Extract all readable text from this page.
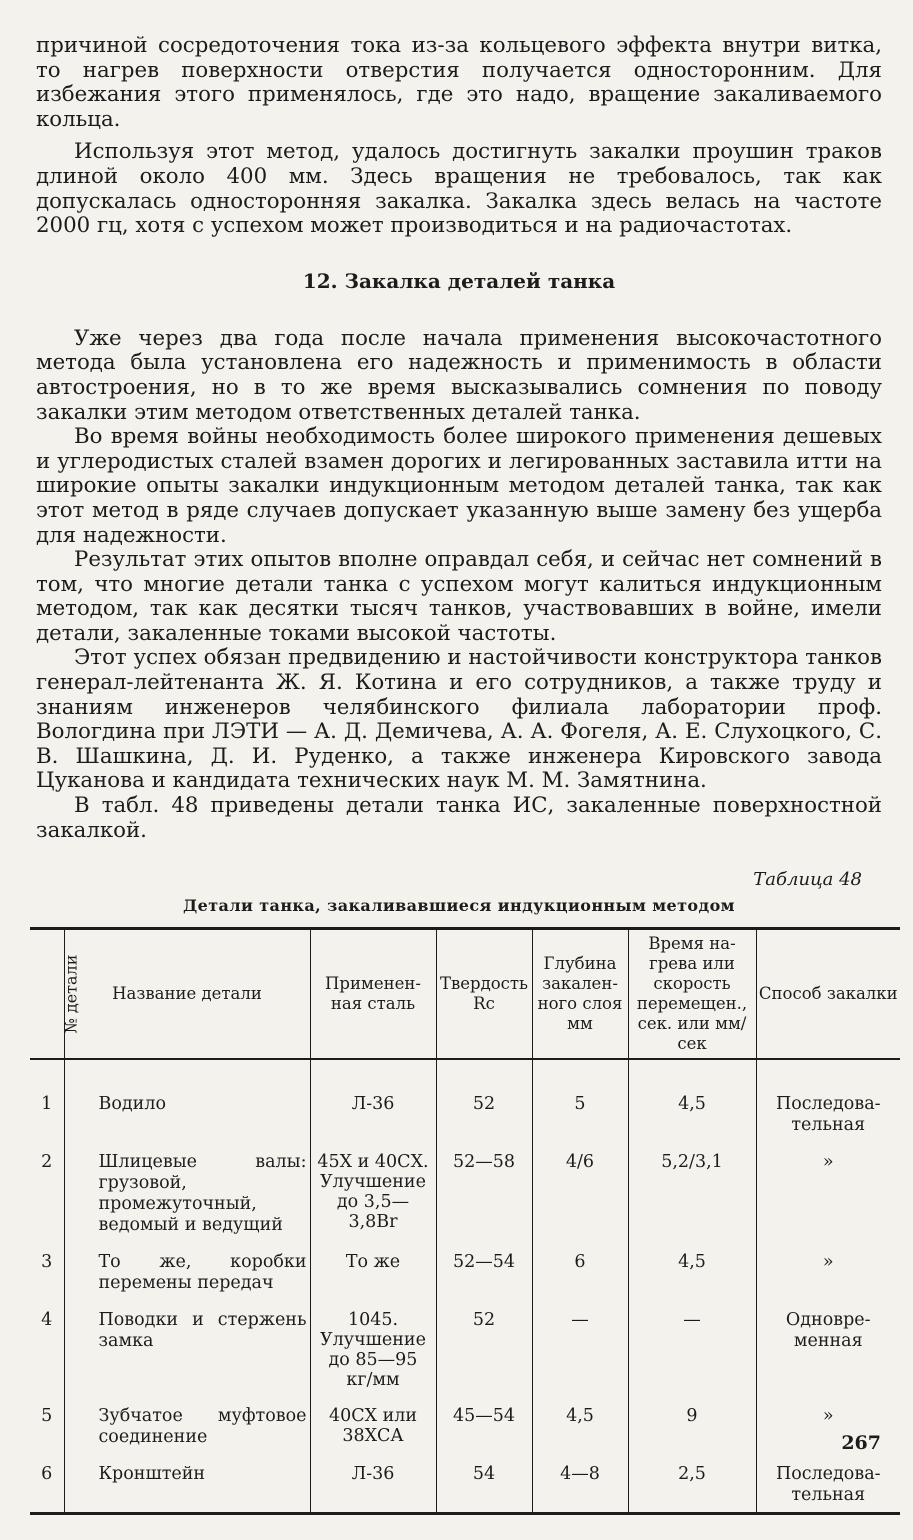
причиной сосредоточения тока из-за кольцевого эффекта внутри витка, то нагрев поверхности отверстия получается односторонним. Для избежания этого применялось, где это надо, вращение закаливаемого кольца.

Используя этот метод, удалось достигнуть закалки проушин траков длиной около 400 мм. Здесь вращения не требовалось, так как допускалась односторонняя закалка. Закалка здесь велась на частоте 2000 гц, хотя с успехом может производиться и на радиочастотах.

12. Закалка деталей танка

Уже через два года после начала применения высокочастотного метода была установлена его надежность и применимость в области автостроения, но в то же время высказывались сомнения по поводу закалки этим методом ответственных деталей танка.

Во время войны необходимость более широкого применения дешевых и углеродистых сталей взамен дорогих и легированных заставила итти на широкие опыты закалки индукционным методом деталей танка, так как этот метод в ряде случаев допускает указанную выше замену без ущерба для надежности.

Результат этих опытов вполне оправдал себя, и сейчас нет сомнений в том, что многие детали танка с успехом могут калиться индукционным методом, так как десятки тысяч танков, участвовавших в войне, имели детали, закаленные токами высокой частоты.

Этот успех обязан предвидению и настойчивости конструктора танков генерал-лейтенанта Ж. Я. Котина и его сотрудников, а также труду и знаниям инженеров челябинского филиала лаборатории проф. Вологдина при ЛЭТИ — А. Д. Демичева, А. А. Фогеля, А. Е. Слухоцкого, С. В. Шашкина, Д. И. Руденко, а также инженера Кировского завода Цуканова и кандидата технических наук М. М. Замятнина.

В табл. 48 приведены детали танка ИС, закаленные поверхностной закалкой.

Таблица 48
Детали танка, закаливавшиеся индукционным методом
№ детали	Название детали	Примененная сталь	Твердость Rc	Глубина закаленного слоя мм	Время нагрева или скорость перемещен., сек. или мм/сек	Способ закалки
1	Водило	Л-36	52	5	4,5	Последовательная
2	Шлицевые валы: грузовой, промежуточный, ведомый и ведущий	45Х и 40СХ. Улучшение до 3,5—3,8Br	52—58	4/6	5,2/3,1	»
3	То же, коробки перемены передач	То же	52—54	6	4,5	»
4	Поводки и стержень замка	1045. Улучшение до 85—95 кг/мм	52	—	—	Одновременная
5	Зубчатое муфтовое соединение	40СХ или 38ХСА	45—54	4,5	9	»
6	Кронштейн	Л-36	54	4—8	2,5	Последовательная
267
